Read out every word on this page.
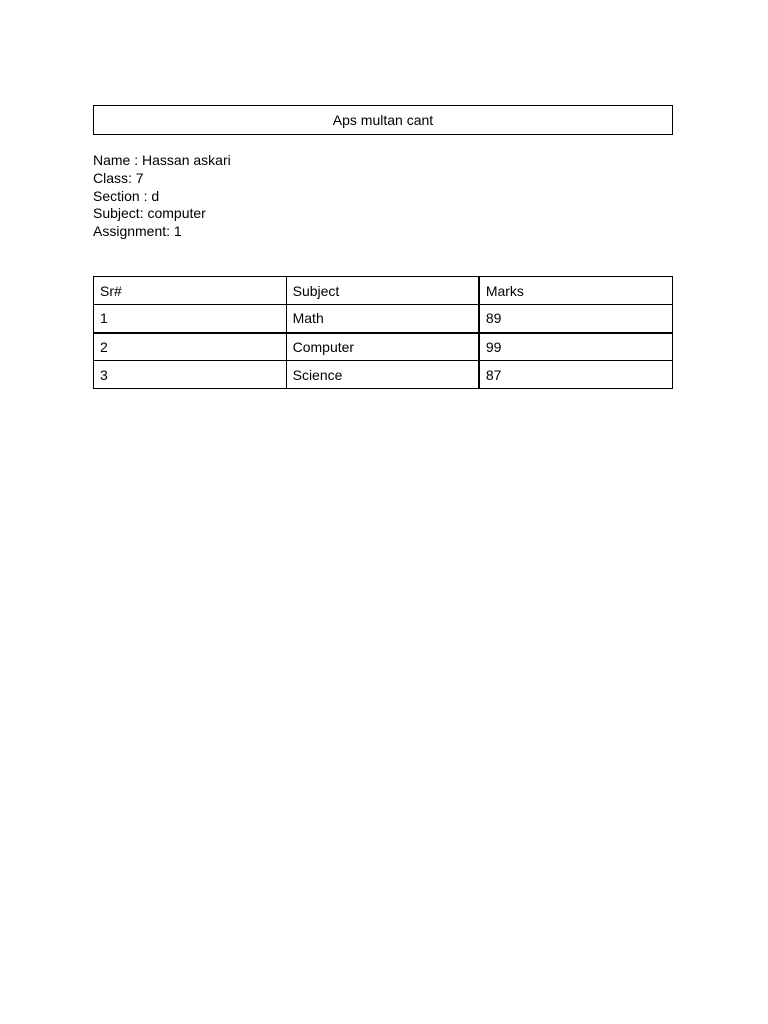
Aps multan cant
Name : Hassan askari
Class: 7
Section : d
Subject: computer
Assignment: 1
Sr#	Subject	Marks
1	Math	89
2	Computer	99
3	Science	87
